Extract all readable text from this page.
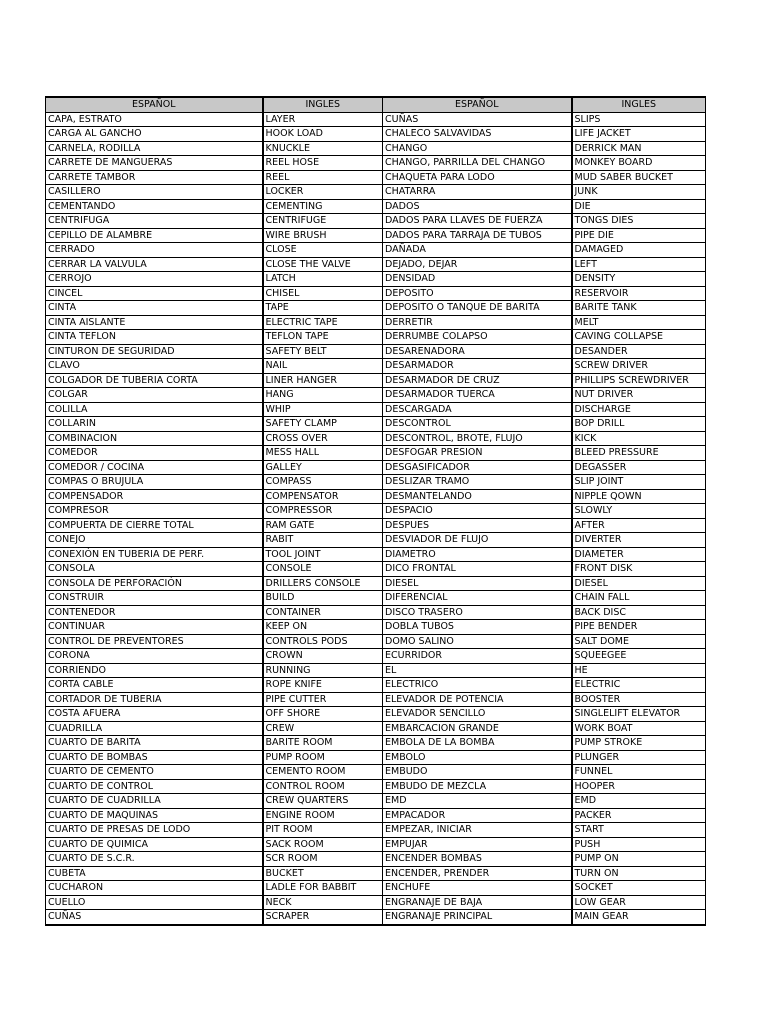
ESPAÑOL	INGLES	ESPAÑOL	INGLES
CAPA, ESTRATO	LAYER	CUÑAS	SLIPS
CARGA AL GANCHO	HOOK LOAD	CHALECO SALVAVIDAS	LIFE JACKET
CARNELA, RODILLA	KNUCKLE	CHANGO	DERRICK MAN
CARRETE DE MANGUERAS	REEL HOSE	CHANGO, PARRILLA DEL CHANGO	MONKEY BOARD
CARRETE TAMBOR	REEL	CHAQUETA PARA LODO	MUD SABER BUCKET
CASILLERO	LOCKER	CHATARRA	JUNK
CEMENTANDO	CEMENTING	DADOS	DIE
CENTRIFUGA	CENTRIFUGE	DADOS PARA LLAVES DE FUERZA	TONGS DIES
CEPILLO DE ALAMBRE	WIRE BRUSH	DADOS PARA TARRAJA DE TUBOS	PIPE DIE
CERRADO	CLOSE	DAÑADA	DAMAGED
CERRAR LA VALVULA	CLOSE THE VALVE	DEJADO, DEJAR	LEFT
CERROJO	LATCH	DENSIDAD	DENSITY
CINCEL	CHISEL	DEPOSITO	RESERVOIR
CINTA	TAPE	DEPOSITO O TANQUE DE BARITA	BARITE TANK
CINTA AISLANTE	ELECTRIC TAPE	DERRETIR	MELT
CINTA TEFLON	TEFLON TAPE	DERRUMBE COLAPSO	CAVING COLLAPSE
CINTURON DE SEGURIDAD	SAFETY BELT	DESARENADORA	DESANDER
CLAVO	NAIL	DESARMADOR	SCREW DRIVER
COLGADOR DE TUBERIA CORTA	LINER HANGER	DESARMADOR DE CRUZ	PHILLIPS SCREWDRIVER
COLGAR	HANG	DESARMADOR TUERCA	NUT DRIVER
COLILLA	WHIP	DESCARGADA	DISCHARGE
COLLARIN	SAFETY CLAMP	DESCONTROL	BOP DRILL
COMBINACION	CROSS OVER	DESCONTROL, BROTE, FLUJO	KICK
COMEDOR	MESS HALL	DESFOGAR PRESION	BLEED PRESSURE
COMEDOR / COCINA	GALLEY	DESGASIFICADOR	DEGASSER
COMPAS O BRUJULA	COMPASS	DESLIZAR TRAMO	SLIP JOINT
COMPENSADOR	COMPENSATOR	DESMANTELANDO	NIPPLE QOWN
COMPRESOR	COMPRESSOR	DESPACIO	SLOWLY
COMPUERTA DE CIERRE TOTAL	RAM GATE	DESPUES	AFTER
CONEJO	RABIT	DESVIADOR DE FLUJO	DIVERTER
CONEXIÓN EN TUBERIA DE PERF.	TOOL JOINT	DIAMETRO	DIAMETER
CONSOLA	CONSOLE	DICO FRONTAL	FRONT DISK
CONSOLA DE PERFORACIÓN	DRILLERS CONSOLE	DIESEL	DIESEL
CONSTRUIR	BUILD	DIFERENCIAL	CHAIN FALL
CONTENEDOR	CONTAINER	DISCO TRASERO	BACK DISC
CONTINUAR	KEEP ON	DOBLA TUBOS	PIPE BENDER
CONTROL DE PREVENTORES	CONTROLS PODS	DOMO SALINO	SALT DOME
CORONA	CROWN	ECURRIDOR	SQUEEGEE
CORRIENDO	RUNNING	EL	HE
CORTA CABLE	ROPE KNIFE	ELECTRICO	ELECTRIC
CORTADOR DE TUBERIA	PIPE CUTTER	ELEVADOR DE POTENCIA	BOOSTER
COSTA AFUERA	OFF SHORE	ELEVADOR SENCILLO	SINGLELIFT ELEVATOR
CUADRILLA	CREW	EMBARCACION GRANDE	WORK BOAT
CUARTO DE BARITA	BARITE ROOM	EMBOLA DE LA BOMBA	PUMP STROKE
CUARTO DE BOMBAS	PUMP ROOM	EMBOLO	PLUNGER
CUARTO DE CEMENTO	CEMENTO ROOM	EMBUDO	FUNNEL
CUARTO DE CONTROL	CONTROL ROOM	EMBUDO DE MEZCLA	HOOPER
CUARTO DE CUADRILLA	CREW QUARTERS	EMD	EMD
CUARTO DE MAQUINAS	ENGINE ROOM	EMPACADOR	PACKER
CUARTO DE PRESAS DE LODO	PIT ROOM	EMPEZAR, INICIAR	START
CUARTO DE QUIMICA	SACK ROOM	EMPUJAR	PUSH
CUARTO DE S.C.R.	SCR ROOM	ENCENDER BOMBAS	PUMP ON
CUBETA	BUCKET	ENCENDER, PRENDER	TURN ON
CUCHARON	LADLE FOR BABBIT	ENCHUFE	SOCKET
CUELLO	NECK	ENGRANAJE DE BAJA	LOW GEAR
CUÑAS	SCRAPER	ENGRANAJE PRINCIPAL	MAIN GEAR
